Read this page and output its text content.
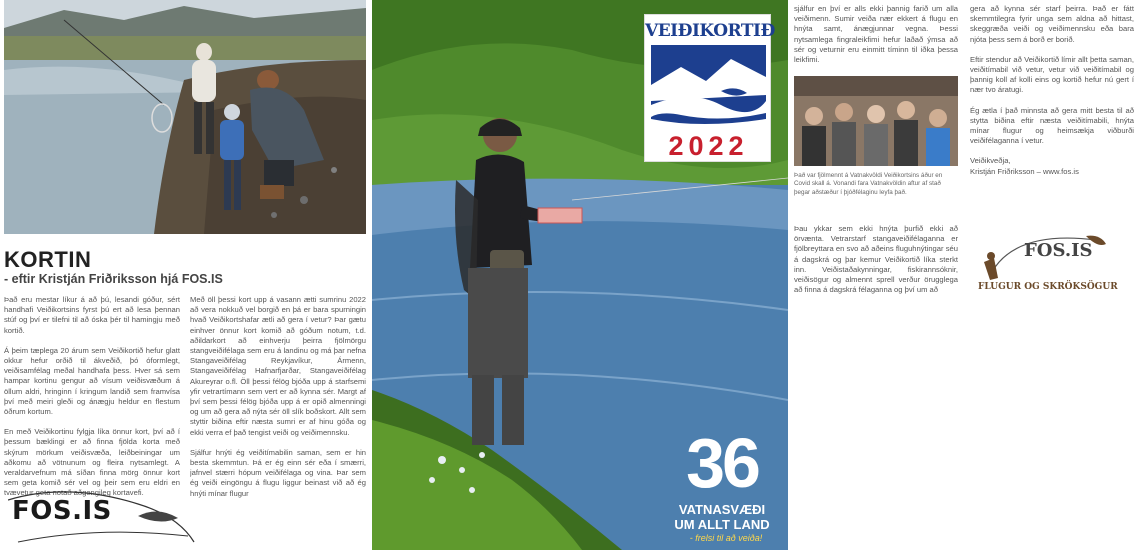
KORTIN
- eftir Kristján Friðriksson hjá FOS.IS

Það eru mestar líkur á að þú, lesandi góður, sért handhafi Veiðikortsins fyrst þú ert að lesa þennan stúf og því er tilefni til að óska þér til hamingju með kortið.

Á þeim tæplega 20 árum sem Veiðikortið hefur glatt okkur hefur orðið til ákveðið, þó óformlegt, veiðisamfélag meðal handhafa þess. Hver sá sem hampar kortinu gengur að vísum veiðisvæðum á öllum aldri, hringinn í kringum landið sem framvísa því með meiri gleði og ánægju heldur en flestum öðrum kortum.

En með Veiðikortinu fylgja líka önnur kort, því að í þessum bæklingi er að finna fjölda korta með skýrum mörkum veiðisvæða, leiðbeiningar um aðkomu að vötnunum og fleira nytsamlegt. A veraldarvefnum má síðan finna mörg önnur kort sem geta komið sér vel og þeir sem eru eldri en tvævetur geta notað aðgengileg kortavefi.

Með öll þessi kort upp á vasann ætti sumrinu 2022 að vera nokkuð vel borgið en þá er bara spurningin hvað Veiðikortshafar ætli að gera í vetur? Þar gætu einhver önnur kort komið að góðum notum, t.d. aðildarkort að einhverju þeirra fjölmörgu stangveiðifélaga sem eru á landinu og má þar nefna Stangaveiðifélag Reykjavíkur, Ármenn, Stangaveiðifélag Hafnarfjarðar, Stangaveiðifélag Akureyrar o.fl. Öll þessi félög bjóða upp á starfsemi yfir vetrartímann sem vert er að kynna sér. Margt af því sem þessi félög bjóða upp á er opið almenningi og um að gera að nýta sér öll slík boðskort. Allt sem styttir biðina eftir næsta sumri er af hinu góða og ekki verra ef það tengist veiði og veiðimennsku.

Sjálfur hnýti ég veiðitímabilin saman, sem er hin besta skemmtun. Þá er ég einn sér eða í smærri, jafnvel stærri hópum veiðifélaga og vina. Þar sem ég veiði eingöngu á flugu liggur beinast við að ég hnýti mínar flugur

FOS.IS
VEIÐIKORTIÐ
2022
36
VATNASVÆÐI
UM ALLT LAND
- frelsi til að veiða!
sjálfur en því er alls ekki þannig farið um alla veiðimenn. Sumir veiða nær ekkert á flugu en hnýta samt, ánægjunnar vegna. Þessi nytsamlega fingraleikfimi hefur laðað ýmsa að sér og veturnir eru einmitt tíminn til iðka þessa leikfimi.
Það var fjölmennt á Vatnakvöldi Veiðikortsins áður en Covid skall á. Vonandi fara Vatnakvöldin aftur af stað þegar aðstæður í þjóðfélaginu leyfa það.
Þau ykkar sem ekki hnýta þurfið ekki að örvænta. Vetrarstarf stangaveiðifélaganna er fjölbreyttara en svo að aðeins fluguhnýtingar séu á dagskrá og þar kemur Veiðikortið líka sterkt inn. Veiðistaðakynningar, fiskirannsóknir, veiðisögur og almennt sprell verður örugglega að finna á dagskrá félaganna og því um að

gera að kynna sér starf þeirra. Það er fátt skemmtilegra fyrir unga sem aldna að hittast, skeggræða veiði og veiðimennsku eða bara njóta þess sem á borð er borið.

Eftir stendur að Veiðikortið límir allt þetta saman, veiðitímabil við vetur, vetur við veiðitímabil og þannig koll af kolli eins og kortið hefur nú gert í nær tvo áratugi.

Ég ætla í það minnsta að gera mitt besta til að stytta biðina eftir næsta veiðitímabili, hnýta mínar flugur og heimsækja viðburði veiðifélaganna í vetur.

Veiðikveðja,
Kristján Friðriksson – www.fos.is

FOS.IS
FLUGUR OG SKRÖKSÖGUR
